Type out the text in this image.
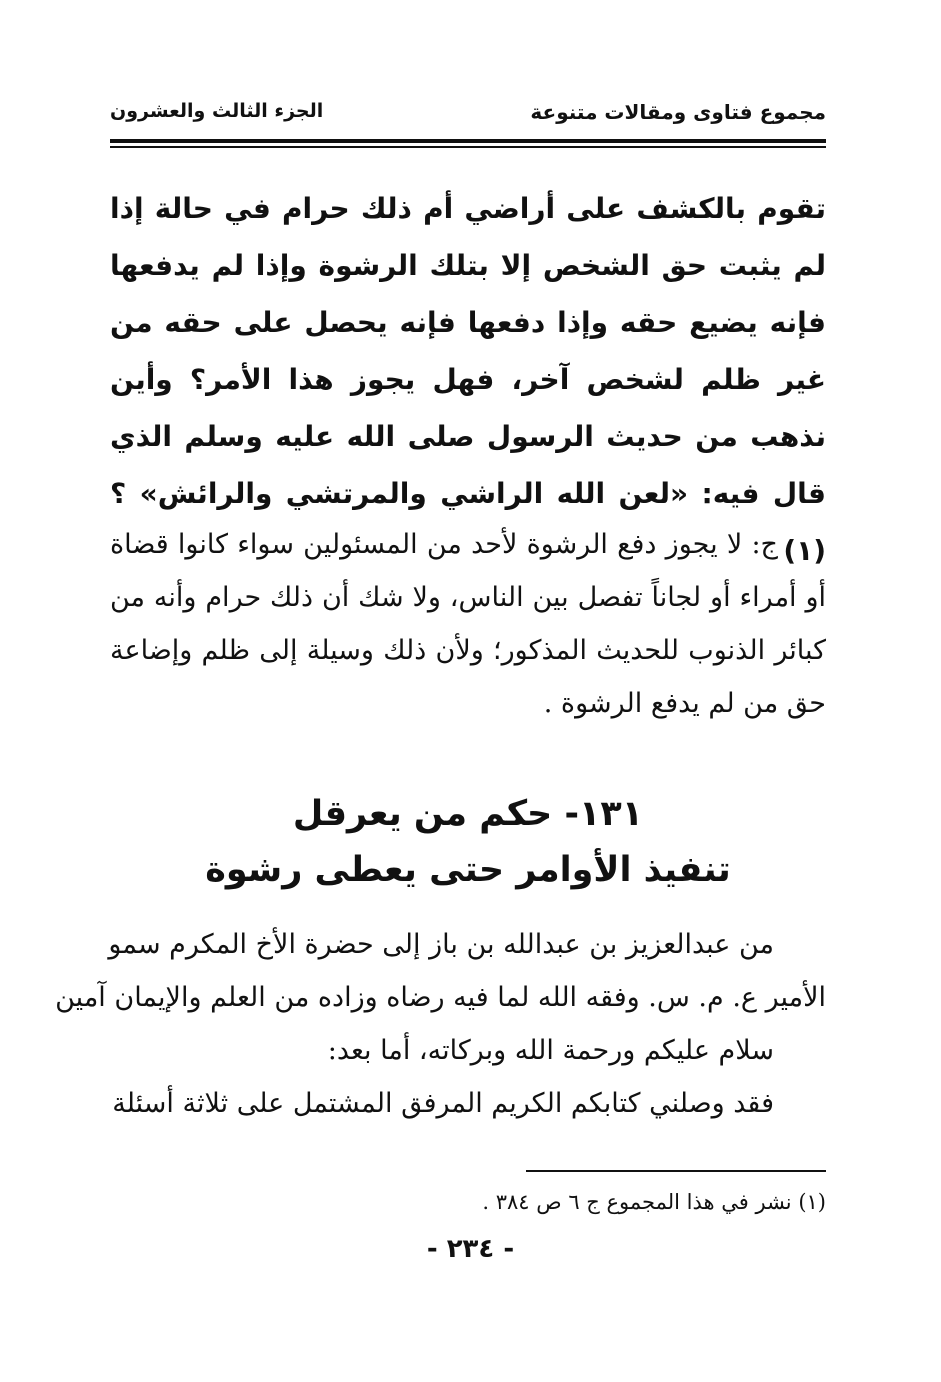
مجموع فتاوى ومقالات متنوعة
الجزء الثالث والعشرون
تقوم بالكشف على أراضي أم ذلك حرام في حالة إذا لم يثبت حق الشخص إلا بتلك الرشوة وإذا لم يدفعها فإنه يضيع حقه وإذا دفعها فإنه يحصل على حقه من غير ظلم لشخص آخر، فهل يجوز هذا الأمر؟ وأين نذهب من حديث الرسول صلى الله عليه وسلم الذي قال فيه: «لعن الله الراشي والمرتشي والرائش» ؟ (١)
ج: لا يجوز دفع الرشوة لأحد من المسئولين سواء كانوا قضاة أو أمراء أو لجاناً تفصل بين الناس، ولا شك أن ذلك حرام وأنه من كبائر الذنوب للحديث المذكور؛ ولأن ذلك وسيلة إلى ظلم وإضاعة حق من لم يدفع الرشوة .
١٣١- حكم من يعرقل
تنفيذ الأوامر حتى يعطى رشوة
من عبدالعزيز بن عبدالله بن باز إلى حضرة الأخ المكرم سمو
الأمير ع. م. س. وفقه الله لما فيه رضاه وزاده من العلم والإيمان آمين
سلام عليكم ورحمة الله وبركاته، أما بعد:
فقد وصلني كتابكم الكريم المرفق المشتمل على ثلاثة أسئلة
(١) نشر في هذا المجموع ج ٦ ص ٣٨٤ .
- ٢٣٤ -
